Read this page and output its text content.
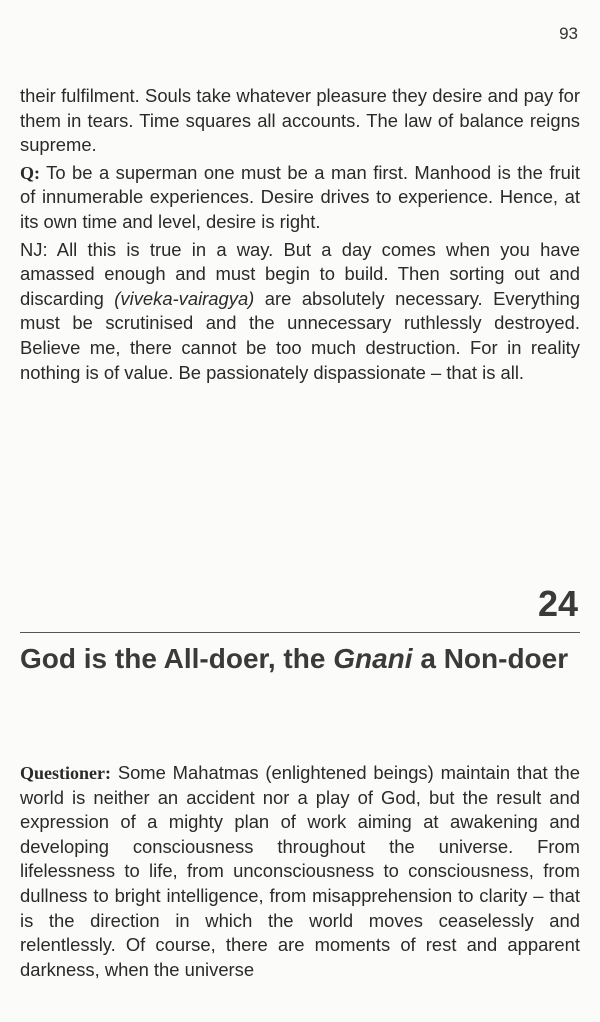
93

their fulfilment. Souls take whatever pleasure they desire and pay for them in tears. Time squares all accounts. The law of balance reigns supreme.

Q: To be a superman one must be a man first. Manhood is the fruit of innumerable experiences. Desire drives to experience. Hence, at its own time and level, desire is right.

NJ: All this is true in a way. But a day comes when you have amassed enough and must begin to build. Then sorting out and discarding (viveka-vairagya) are absolutely necessary. Everything must be scrutinised and the unnecessary ruthlessly destroyed. Believe me, there cannot be too much destruction. For in reality nothing is of value. Be passionately dispassionate – that is all.

24
God is the All-doer, the Gnani a Non-doer

Questioner: Some Mahatmas (enlightened beings) maintain that the world is neither an accident nor a play of God, but the result and expression of a mighty plan of work aiming at awakening and developing consciousness throughout the universe. From lifelessness to life, from unconsciousness to consciousness, from dullness to bright intelligence, from misapprehension to clarity – that is the direction in which the world moves ceaselessly and relentlessly. Of course, there are moments of rest and apparent darkness, when the universe
